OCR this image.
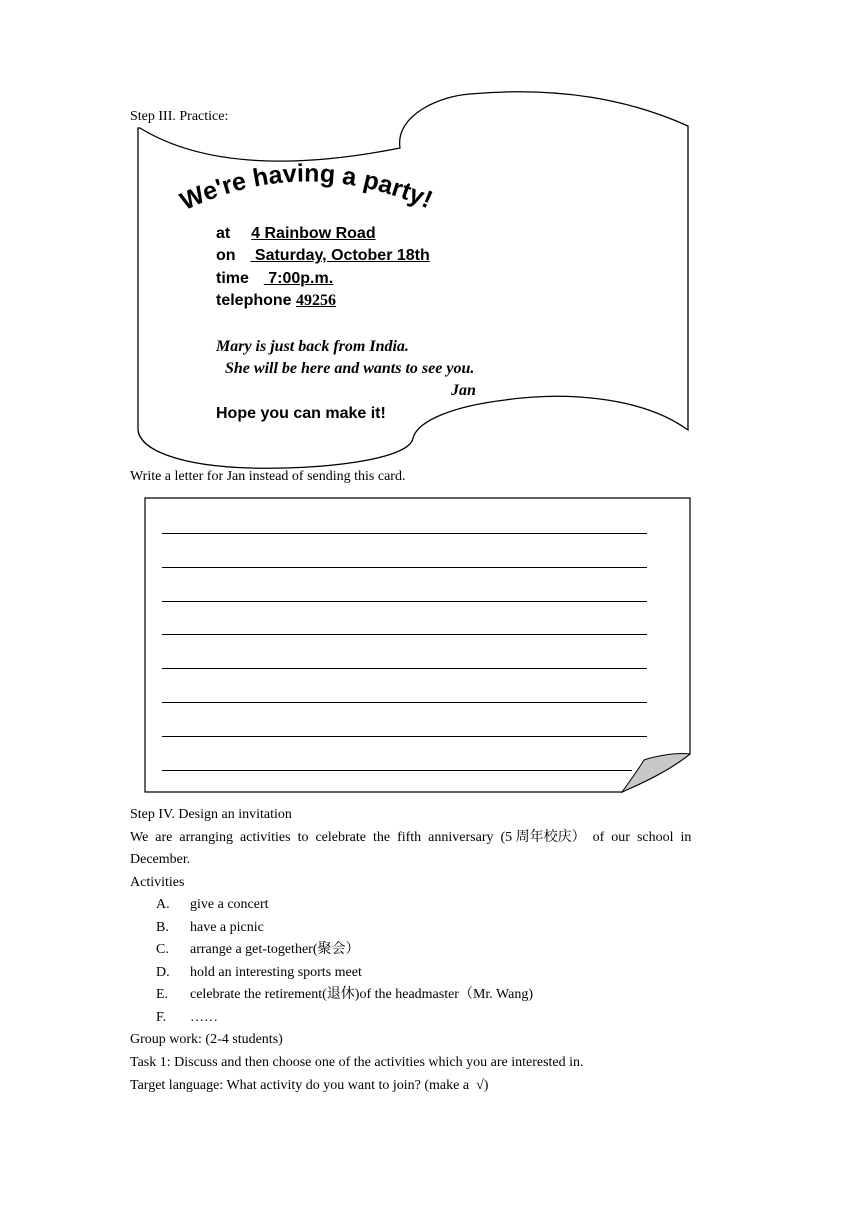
Step III. Practice:
We're having a party!
at 4 Rainbow Road
on   Saturday, October 18th
time   7:00p.m.
telephone 49256
Mary is just back from India.
She will be here and wants to see you.
Jan
Hope you can make it!
Write a letter for Jan instead of sending this card.
Step IV. Design an invitation
We  are  arranging  activities  to  celebrate  the  fifth  anniversary  (5 周年校庆）  of  our  school  in
December.
Activities
A. give a concert
B. have a picnic
C. arrange a get-together(聚会）
D. hold an interesting sports meet
E. celebrate the retirement(退休)of the headmaster（Mr. Wang)
F. ……
Group work: (2-4 students)
Task 1: Discuss and then choose one of the activities which you are interested in.
Target language: What activity do you want to join? (make a  √)
